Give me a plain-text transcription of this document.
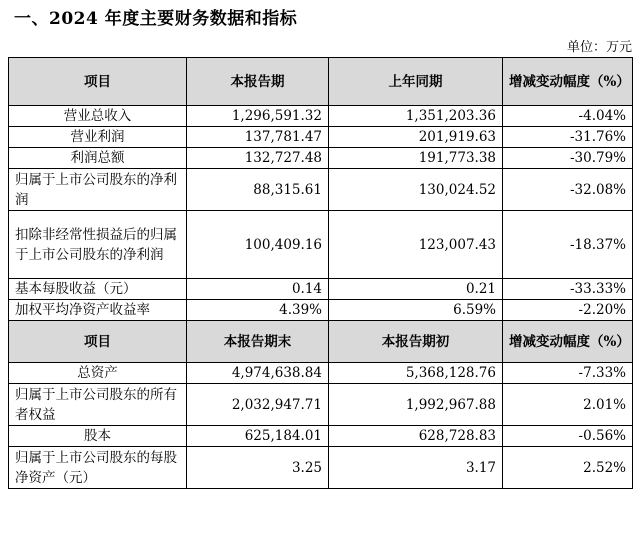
一、2024 年度主要财务数据和指标
单位：万元
项目	本报告期	上年同期	增减变动幅度（%）
营业总收入	1,296,591.32	1,351,203.36	-4.04%
营业利润	137,781.47	201,919.63	-31.76%
利润总额	132,727.48	191,773.38	-30.79%
归属于上市公司股东的净利润	88,315.61	130,024.52	-32.08%
扣除非经常性损益后的归属于上市公司股东的净利润	100,409.16	123,007.43	-18.37%
基本每股收益（元）	0.14	0.21	-33.33%
加权平均净资产收益率	4.39%	6.59%	-2.20%
项目	本报告期末	本报告期初	增减变动幅度（%）
总资产	4,974,638.84	5,368,128.76	-7.33%
归属于上市公司股东的所有者权益	2,032,947.71	1,992,967.88	2.01%
股本	625,184.01	628,728.83	-0.56%
归属于上市公司股东的每股净资产（元）	3.25	3.17	2.52%
